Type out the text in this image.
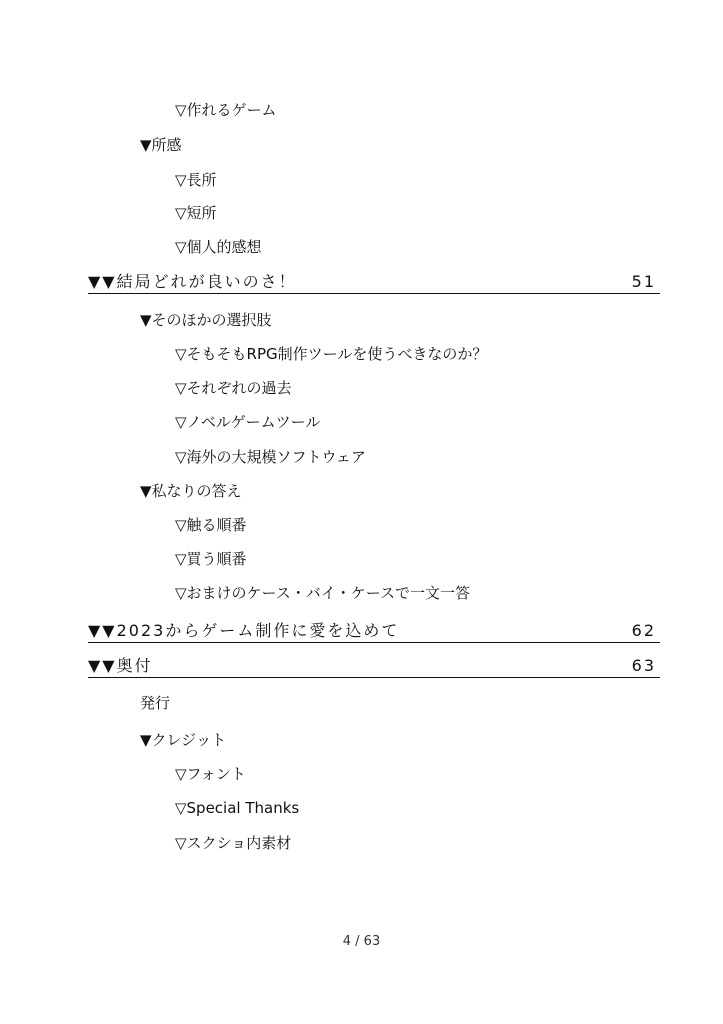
▽作れるゲーム
▼所感
▽長所
▽短所
▽個人的感想
▼▼結局どれが良いのさ！	51
▼そのほかの選択肢
▽そもそもRPG制作ツールを使うべきなのか？
▽それぞれの過去
▽ノベルゲームツール
▽海外の大規模ソフトウェア
▼私なりの答え
▽触る順番
▽買う順番
▽おまけのケース・バイ・ケースで一文一答
▼▼2023からゲーム制作に愛を込めて	62
▼▼奥付	63
発行
▼クレジット
▽フォント
▽Special Thanks
▽スクショ内素材
4 / 63
